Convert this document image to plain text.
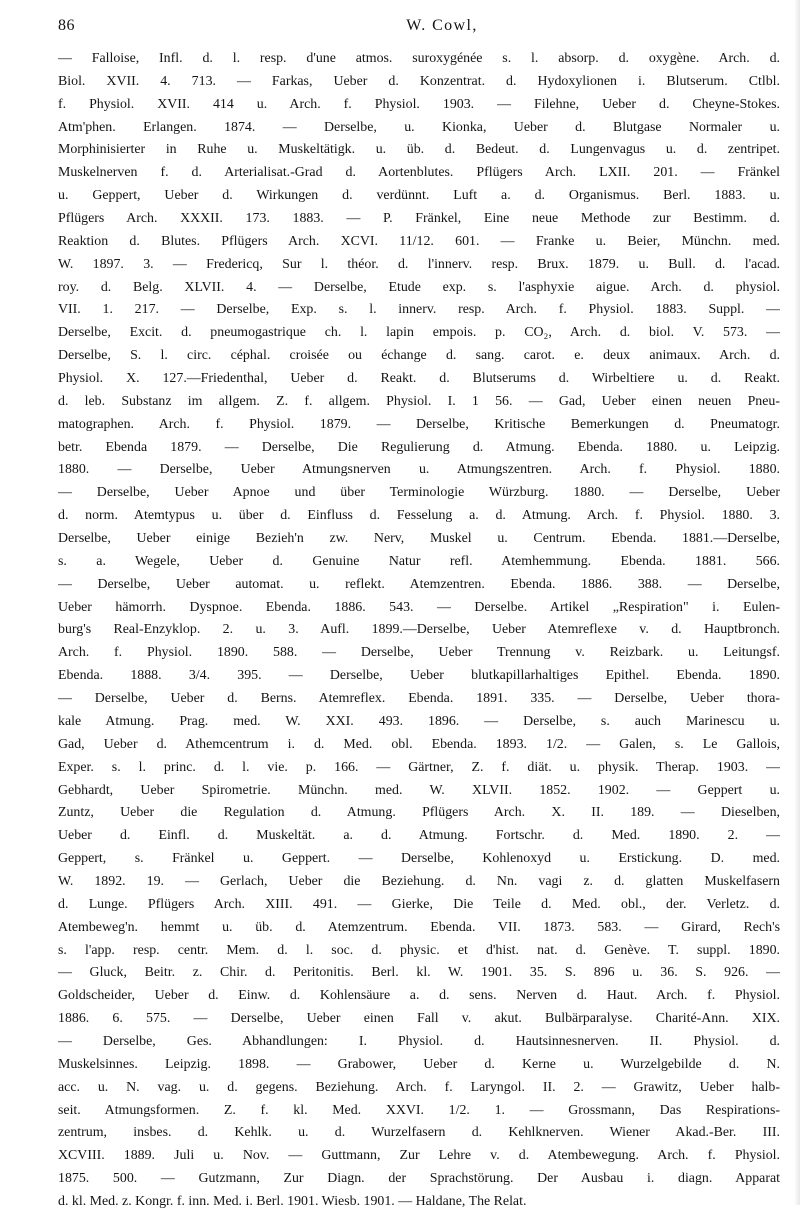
86	W. Cowl,
— Falloise, Infl. d. l. resp. d'une atmos. suroxygénée s. l. absorp. d. oxygène. Arch. d.
Biol. XVII. 4. 713. — Farkas, Ueber d. Konzentrat. d. Hydoxylionen i. Blutserum. Ctlbl.
f. Physiol. XVII. 414 u. Arch. f. Physiol. 1903. — Filehne, Ueber d. Cheyne-Stokes.
Atm'phen. Erlangen. 1874. — Derselbe, u. Kionka, Ueber d. Blutgase Normaler u.
Morphinisierter in Ruhe u. Muskeltätigk. u. üb. d. Bedeut. d. Lungenvagus u. d. zentripet.
Muskelnerven f. d. Arterialisat.-Grad d. Aortenblutes. Pflügers Arch. LXII. 201. — Fränkel
u. Geppert, Ueber d. Wirkungen d. verdünnt. Luft a. d. Organismus. Berl. 1883. u.
Pflügers Arch. XXXII. 173. 1883. — P. Fränkel, Eine neue Methode zur Bestimm. d.
Reaktion d. Blutes. Pflügers Arch. XCVI. 11/12. 601. — Franke u. Beier, Münchn. med.
W. 1897. 3. — Fredericq, Sur l. théor. d. l'innerv. resp. Brux. 1879. u. Bull. d. l'acad.
roy. d. Belg. XLVII. 4. — Derselbe, Etude exp. s. l'asphyxie aigue. Arch. d. physiol.
VII. 1. 217. — Derselbe, Exp. s. l. innerv. resp. Arch. f. Physiol. 1883. Suppl. —
Derselbe, Excit. d. pneumogastrique ch. l. lapin empois. p. CO₂, Arch. d. biol. V. 573. —
Derselbe, S. l. circ. céphal. croisée ou échange d. sang. carot. e. deux animaux. Arch. d.
Physiol. X. 127.—Friedenthal, Ueber d. Reakt. d. Blutserums d. Wirbeltiere u. d. Reakt.
d. leb. Substanz im allgem. Z. f. allgem. Physiol. I. 1 56. — Gad, Ueber einen neuen Pneu-
matographen. Arch. f. Physiol. 1879. — Derselbe, Kritische Bemerkungen d. Pneumatogr.
betr. Ebenda 1879. — Derselbe, Die Regulierung d. Atmung. Ebenda. 1880. u. Leipzig.
1880. — Derselbe, Ueber Atmungsnerven u. Atmungszentren. Arch. f. Physiol. 1880.
— Derselbe, Ueber Apnoe und über Terminologie Würzburg. 1880. — Derselbe, Ueber
d. norm. Atemtypus u. über d. Einfluss d. Fesselung a. d. Atmung. Arch. f. Physiol. 1880. 3.
Derselbe, Ueber einige Bezieh'n zw. Nerv, Muskel u. Centrum. Ebenda. 1881.—Derselbe,
s. a. Wegele, Ueber d. Genuine Natur refl. Atemhemmung. Ebenda. 1881. 566.
— Derselbe, Ueber automat. u. reflekt. Atemzentren. Ebenda. 1886. 388. — Derselbe,
Ueber hämorrh. Dyspnoe. Ebenda. 1886. 543. — Derselbe. Artikel „Respiration" i. Eulen-
burg's Real-Enzyklop. 2. u. 3. Aufl. 1899.—Derselbe, Ueber Atemreflexe v. d. Hauptbronch.
Arch. f. Physiol. 1890. 588. — Derselbe, Ueber Trennung v. Reizbark. u. Leitungsf.
Ebenda. 1888. 3/4. 395. — Derselbe, Ueber blutkapillarhaltiges Epithel. Ebenda. 1890.
— Derselbe, Ueber d. Berns. Atemreflex. Ebenda. 1891. 335. — Derselbe, Ueber thora-
kale Atmung. Prag. med. W. XXI. 493. 1896. — Derselbe, s. auch Marinescu u.
Gad, Ueber d. Athemcentrum i. d. Med. obl. Ebenda. 1893. 1/2. — Galen, s. Le Gallois,
Exper. s. l. princ. d. l. vie. p. 166. — Gärtner, Z. f. diät. u. physik. Therap. 1903. —
Gebhardt, Ueber Spirometrie. Münchn. med. W. XLVII. 1852. 1902. — Geppert u.
Zuntz, Ueber die Regulation d. Atmung. Pflügers Arch. X. II. 189. — Dieselben,
Ueber d. Einfl. d. Muskeltät. a. d. Atmung. Fortschr. d. Med. 1890. 2. —
Geppert, s. Fränkel u. Geppert. — Derselbe, Kohlenoxyd u. Erstickung. D. med.
W. 1892. 19. — Gerlach, Ueber die Beziehung. d. Nn. vagi z. d. glatten Muskelfasern
d. Lunge. Pflügers Arch. XIII. 491. — Gierke, Die Teile d. Med. obl., der. Verletz. d.
Atembeweg'n. hemmt u. üb. d. Atemzentrum. Ebenda. VII. 1873. 583. — Girard, Rech's
s. l'app. resp. centr. Mem. d. l. soc. d. physic. et d'hist. nat. d. Genève. T. suppl. 1890.
— Gluck, Beitr. z. Chir. d. Peritonitis. Berl. kl. W. 1901. 35. S. 896 u. 36. S. 926. —
Goldscheider, Ueber d. Einw. d. Kohlensäure a. d. sens. Nerven d. Haut. Arch. f. Physiol.
1886. 6. 575. — Derselbe, Ueber einen Fall v. akut. Bulbärparalyse. Charité-Ann. XIX.
— Derselbe, Ges. Abhandlungen: I. Physiol. d. Hautsinnesnerven. II. Physiol. d.
Muskelsinnes. Leipzig. 1898. — Grabower, Ueber d. Kerne u. Wurzelgebilde d. N.
acc. u. N. vag. u. d. gegens. Beziehung. Arch. f. Laryngol. II. 2. — Grawitz, Ueber halb-
seit. Atmungsformen. Z. f. kl. Med. XXVI. 1/2. 1. — Grossmann, Das Respirations-
zentrum, insbes. d. Kehlk. u. d. Wurzelfasern d. Kehlknerven. Wiener Akad.-Ber. III.
XCVIII. 1889. Juli u. Nov. — Guttmann, Zur Lehre v. d. Atembewegung. Arch. f. Physiol.
1875. 500. — Gutzmann, Zur Diagn. der Sprachstörung. Der Ausbau i. diagn. Apparat
d. kl. Med. z. Kongr. f. inn. Med. i. Berl. 1901. Wiesb. 1901. — Haldane, The Relat.
